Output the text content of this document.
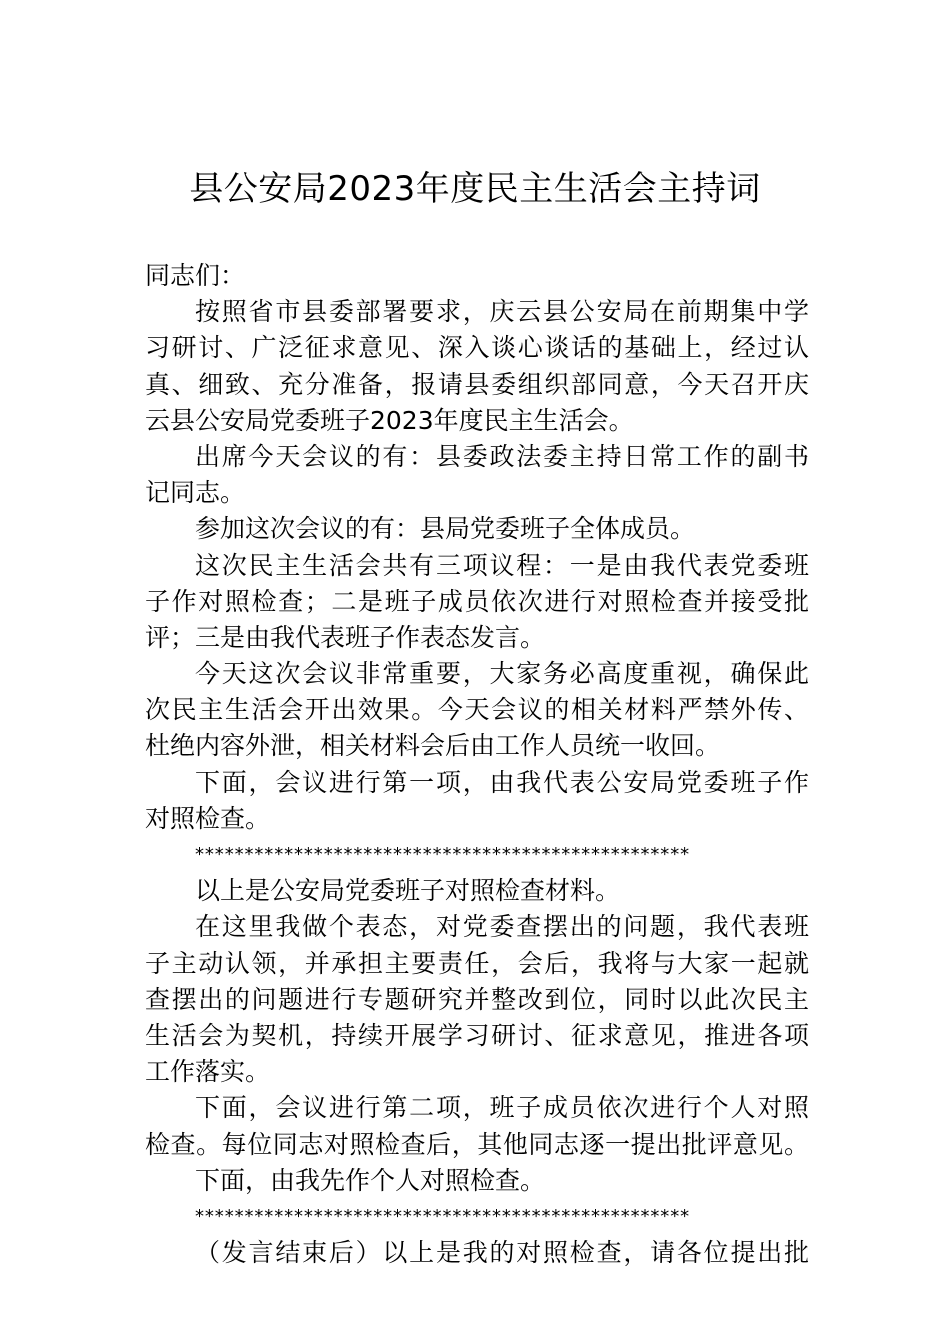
县公安局2023年度民主生活会主持词
同志们：
按照省市县委部署要求，庆云县公安局在前期集中学
习研讨、广泛征求意见、深入谈心谈话的基础上，经过认
真、细致、充分准备，报请县委组织部同意，今天召开庆
云县公安局党委班子2023年度民主生活会。
出席今天会议的有：县委政法委主持日常工作的副书
记同志。
参加这次会议的有：县局党委班子全体成员。
这次民主生活会共有三项议程：一是由我代表党委班
子作对照检查；二是班子成员依次进行对照检查并接受批
评；三是由我代表班子作表态发言。
今天这次会议非常重要，大家务必高度重视，确保此
次民主生活会开出效果。今天会议的相关材料严禁外传、
杜绝内容外泄，相关材料会后由工作人员统一收回。
下面，会议进行第一项，由我代表公安局党委班子作
对照检查。
**************************************************
以上是公安局党委班子对照检查材料。
在这里我做个表态，对党委查摆出的问题，我代表班
子主动认领，并承担主要责任，会后，我将与大家一起就
查摆出的问题进行专题研究并整改到位，同时以此次民主
生活会为契机，持续开展学习研讨、征求意见，推进各项
工作落实。
下面，会议进行第二项，班子成员依次进行个人对照
检查。每位同志对照检查后，其他同志逐一提出批评意见。
下面，由我先作个人对照检查。
**************************************************
（发言结束后）以上是我的对照检查，请各位提出批
